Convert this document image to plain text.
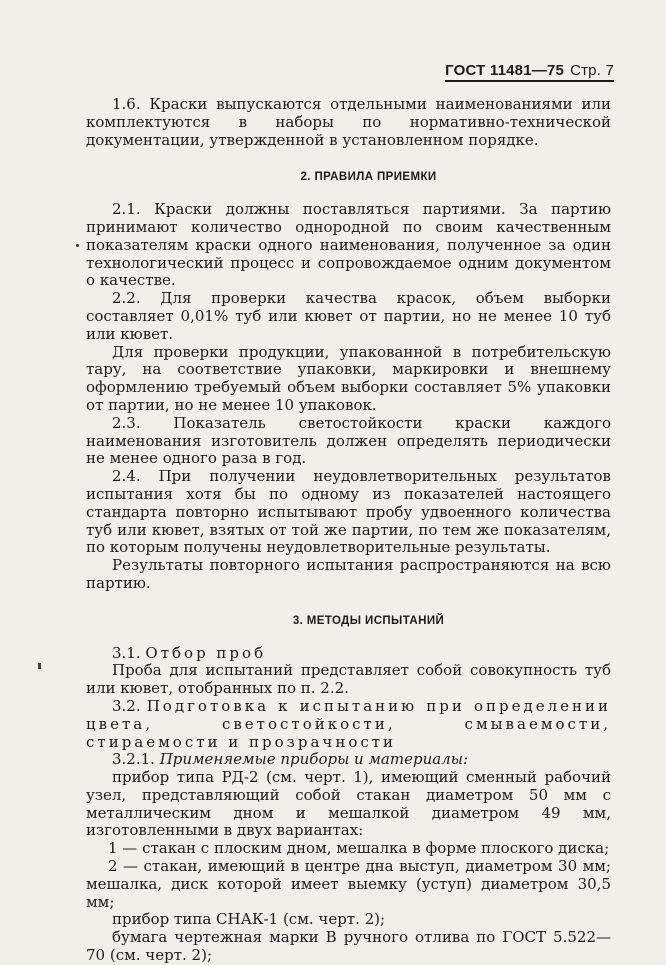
ГОСТ 11481—75 Стр. 7

1.6. Краски выпускаются отдельными наименованиями или комплектуются в наборы по нормативно-технической документации, утвержденной в установленном порядке.

2. ПРАВИЛА ПРИЕМКИ

2.1. Краски должны поставляться партиями. За партию принимают количество однородной по своим качественным показателям краски одного наименования, полученное за один технологический процесс и сопровождаемое одним документом о качестве.

2.2. Для проверки качества красок, объем выборки составляет 0,01% туб или кювет от партии, но не менее 10 туб или кювет.

Для проверки продукции, упакованной в потребительскую тару, на соответствие упаковки, маркировки и внешнему оформлению требуемый объем выборки составляет 5% упаковки от партии, но не менее 10 упаковок.

2.3. Показатель светостойкости краски каждого наименования изготовитель должен определять периодически не менее одного раза в год.

2.4. При получении неудовлетворительных результатов испытания хотя бы по одному из показателей настоящего стандарта повторно испытывают пробу удвоенного количества туб или кювет, взятых от той же партии, по тем же показателям, по которым получены неудовлетворительные результаты.

Результаты повторного испытания распространяются на всю партию.

3. МЕТОДЫ ИСПЫТАНИЙ

3.1. Отбор проб

Проба для испытаний представляет собой совокупность туб или кювет, отобранных по п. 2.2.

3.2. Подготовка к испытанию при определении цвета, светостойкости, смываемости, стираемости и прозрачности

3.2.1. Применяемые приборы и материалы:

прибор типа РД-2 (см. черт. 1), имеющий сменный рабочий узел, представляющий собой стакан диаметром 50 мм с металлическим дном и мешалкой диаметром 49 мм, изготовленными в двух вариантах:

1 — стакан с плоским дном, мешалка в форме плоского диска;

2 — стакан, имеющий в центре дна выступ, диаметром 30 мм; мешалка, диск которой имеет выемку (уступ) диаметром 30,5 мм;

прибор типа СНАК-1 (см. черт. 2);

бумага чертежная марки В ручного отлива по ГОСТ 5.522—70 (см. черт. 2);
